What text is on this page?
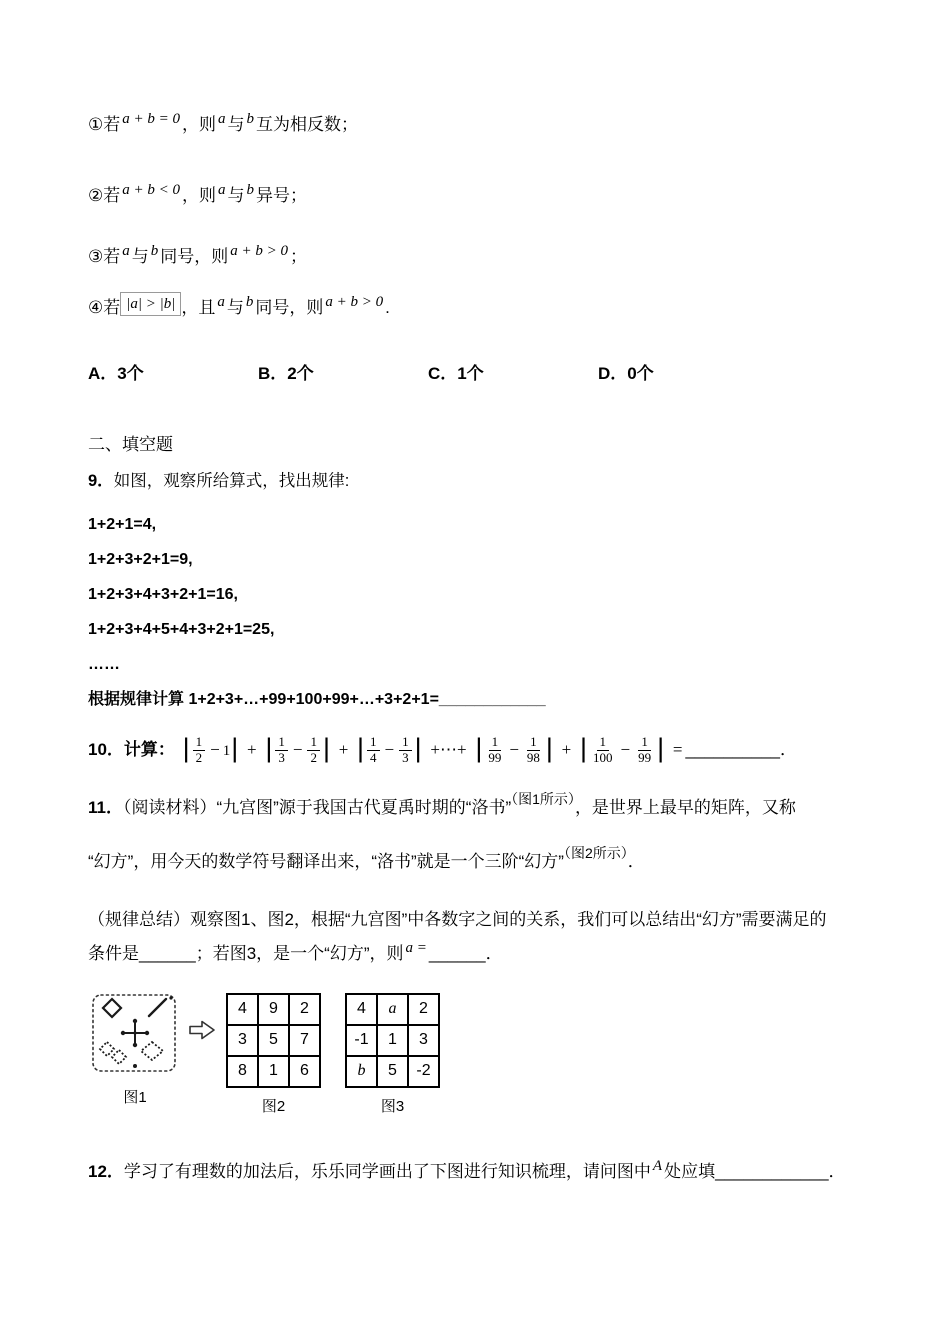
①若 a + b = 0 ，则 a 与 b 互为相反数；
②若 a + b < 0 ，则 a 与 b 异号；
③若 a 与 b 同号，则 a + b > 0 ；
④若 |a| > |b| ，且 a 与 b 同号，则 a + b > 0 .
A．3个	B．2个	C．1个	D．0个
二、填空题
9．如图，观察所给算式，找出规律:
1+2+1=4,
1+2+3+2+1=9,
1+2+3+4+3+2+1=16,
1+2+3+4+5+4+3+2+1=25,
……
根据规律计算 1+2+3+…+99+100+99+…+3+2+1=____________
10．计算： | $\frac{1}{2} - 1|$ + | $\frac{1}{3} - \frac{1}{2}$ | + | $\frac{1}{4} - \frac{1}{3}$ | +⋯+ | $\frac{1}{99} - \frac{1}{98}$ | + | $\frac{1}{100} - \frac{1}{99}$ | = __________．

11．（阅读材料）“九宫图”源于我国古代夏禹时期的“洛书”$^{(图1所示)}$，是世界上最早的矩阵，又称

“幻方”，用今天的数学符号翻译出来，“洛书”就是一个三阶“幻方”$^{(图2所示)}$．

（规律总结）观察图1、图2，根据“九宫图”中各数字之间的关系，我们可以总结出“幻方”需要满足的

条件是______；若图3，是一个“幻方”，则 a = ______．

图1
4	9	2
3	5	7
8	1	6
图2
4	a	2
-1	1	3
b	5	-2
图3
12．学习了有理数的加法后，乐乐同学画出了下图进行知识梳理，请问图中 A 处应填____________．
